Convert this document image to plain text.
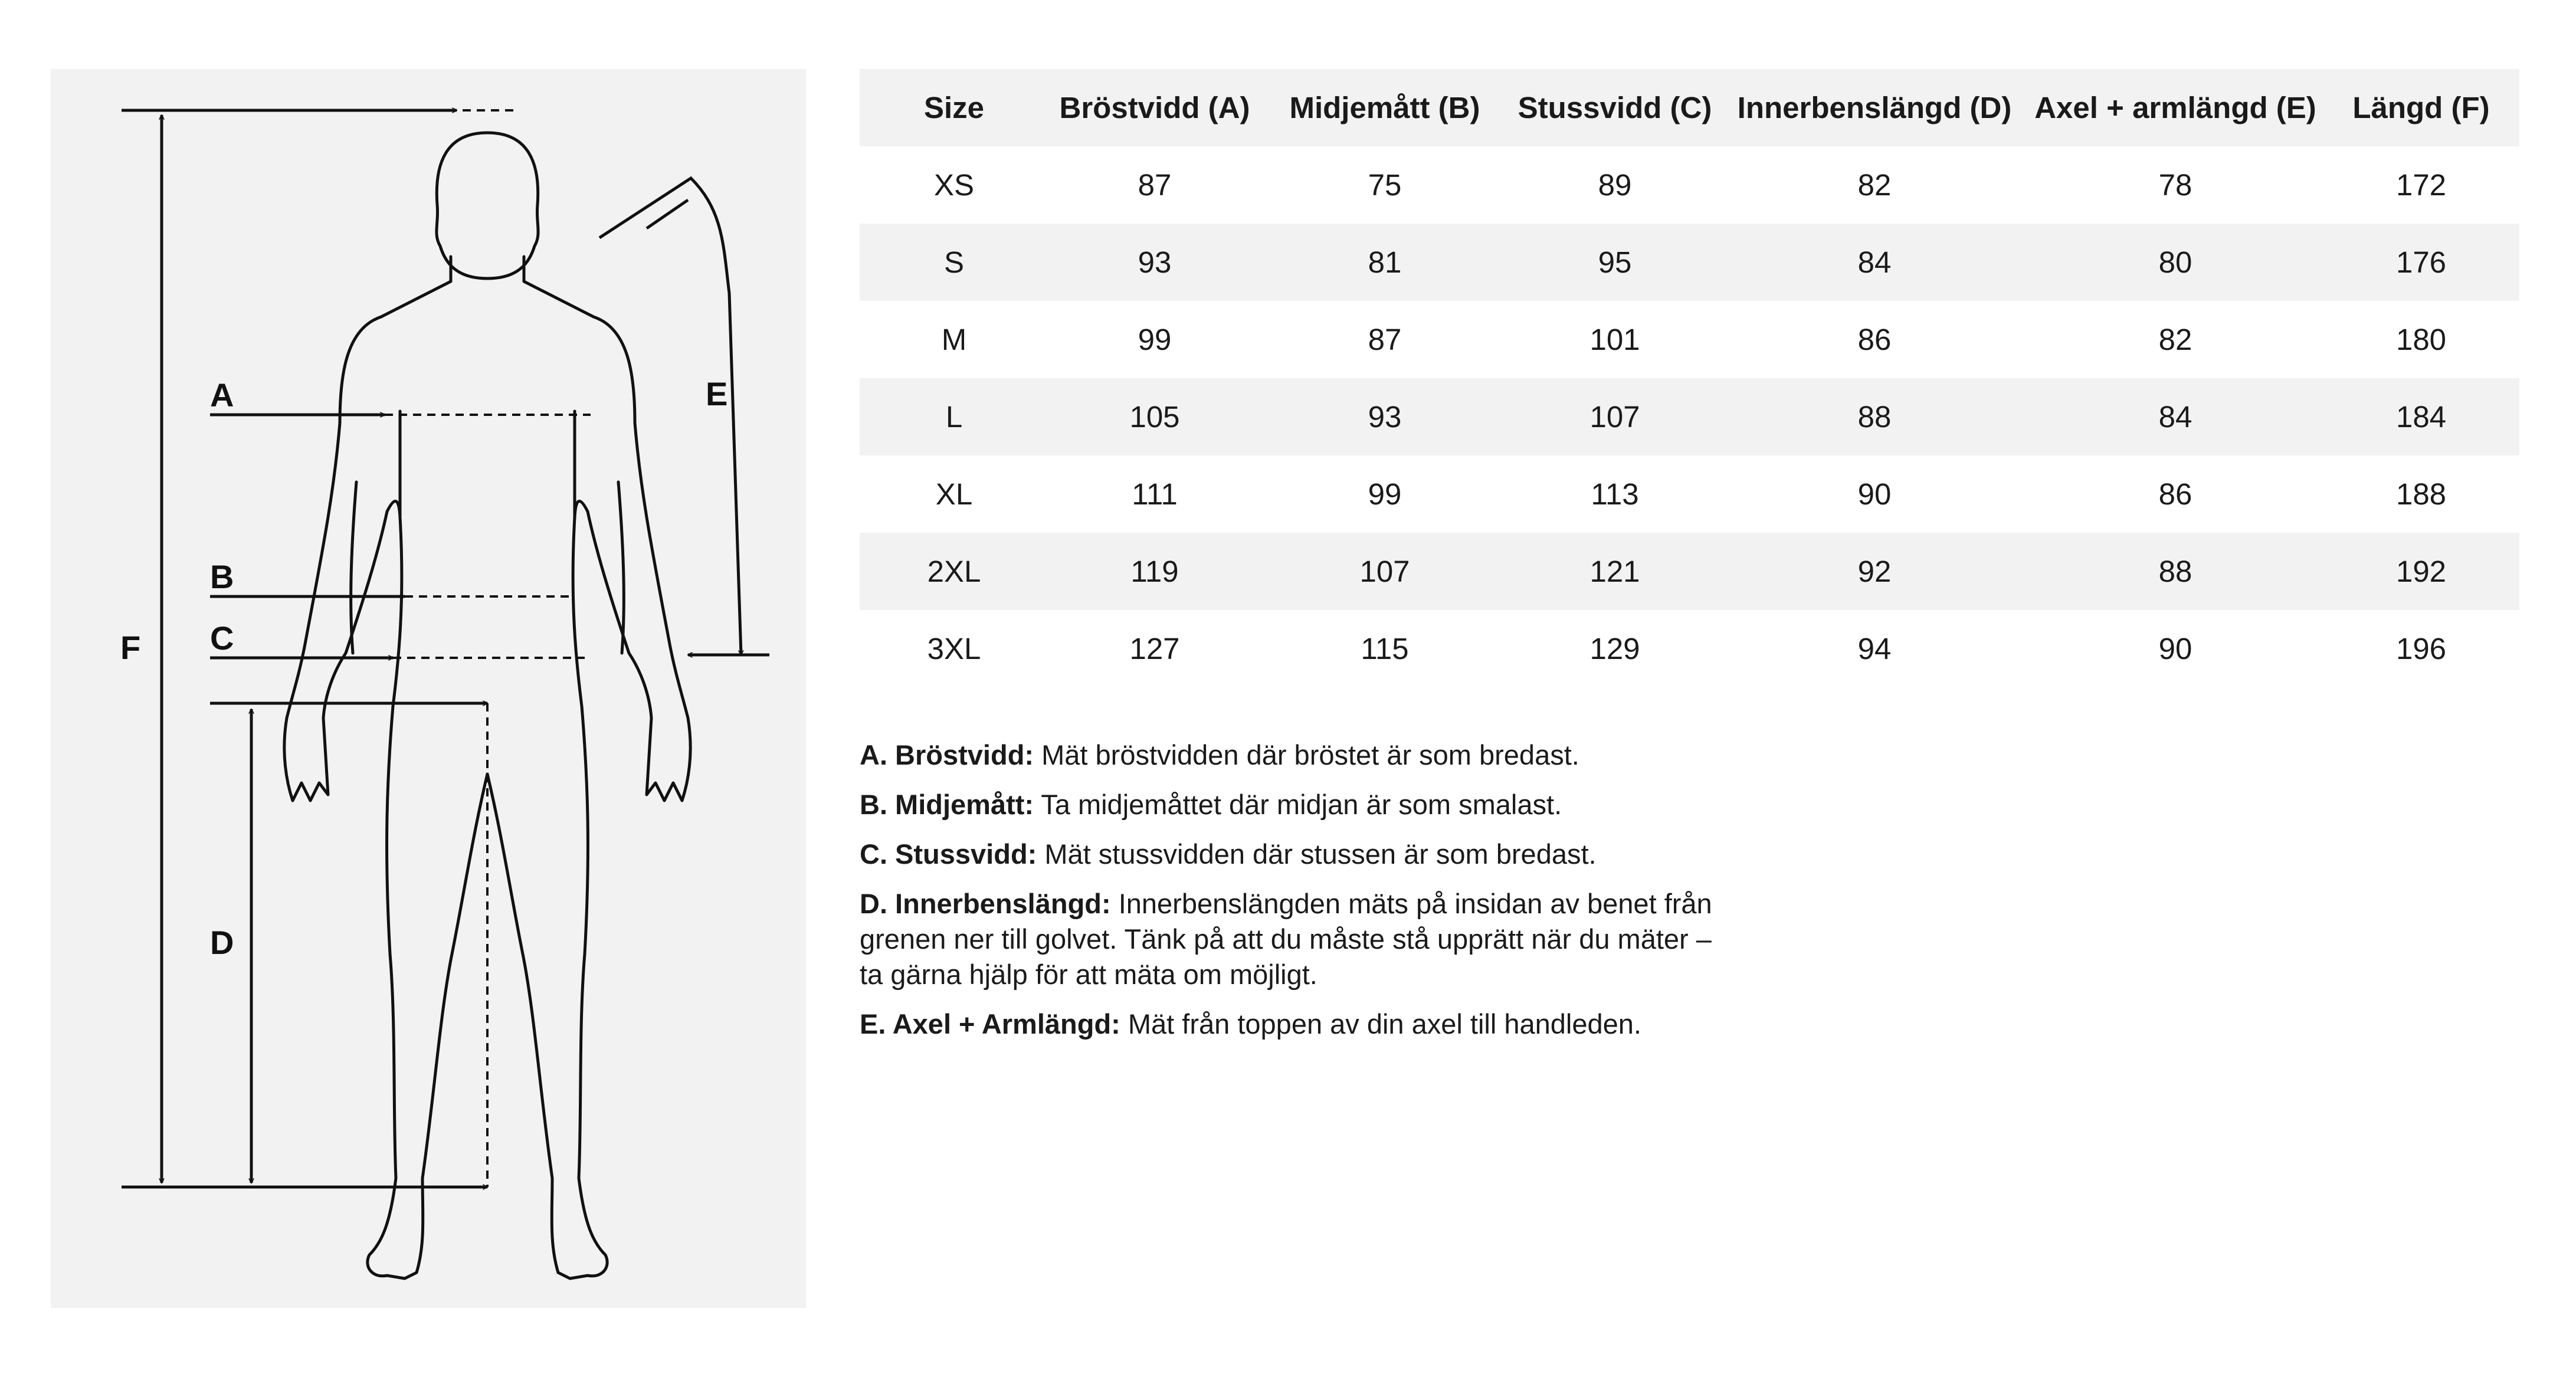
A
B
C
D
E
F
Size	Bröstvidd (A)	Midjemått (B)	Stussvidd (C)	Innerbenslängd (D)	Axel + armlängd (E)	Längd (F)
XS	87	75	89	82	78	172
S	93	81	95	84	80	176
M	99	87	101	86	82	180
L	105	93	107	88	84	184
XL	111	99	113	90	86	188
2XL	119	107	121	92	88	192
3XL	127	115	129	94	90	196

A. Bröstvidd: Mät bröstvidden där bröstet är som bredast.

B. Midjemått: Ta midjemåttet där midjan är som smalast.

C. Stussvidd: Mät stussvidden där stussen är som bredast.

D. Innerbenslängd: Innerbenslängden mäts på insidan av benet från grenen ner till golvet. Tänk på att du måste stå upprätt när du mäter – ta gärna hjälp för att mäta om möjligt.

E. Axel + Armlängd: Mät från toppen av din axel till handleden.
